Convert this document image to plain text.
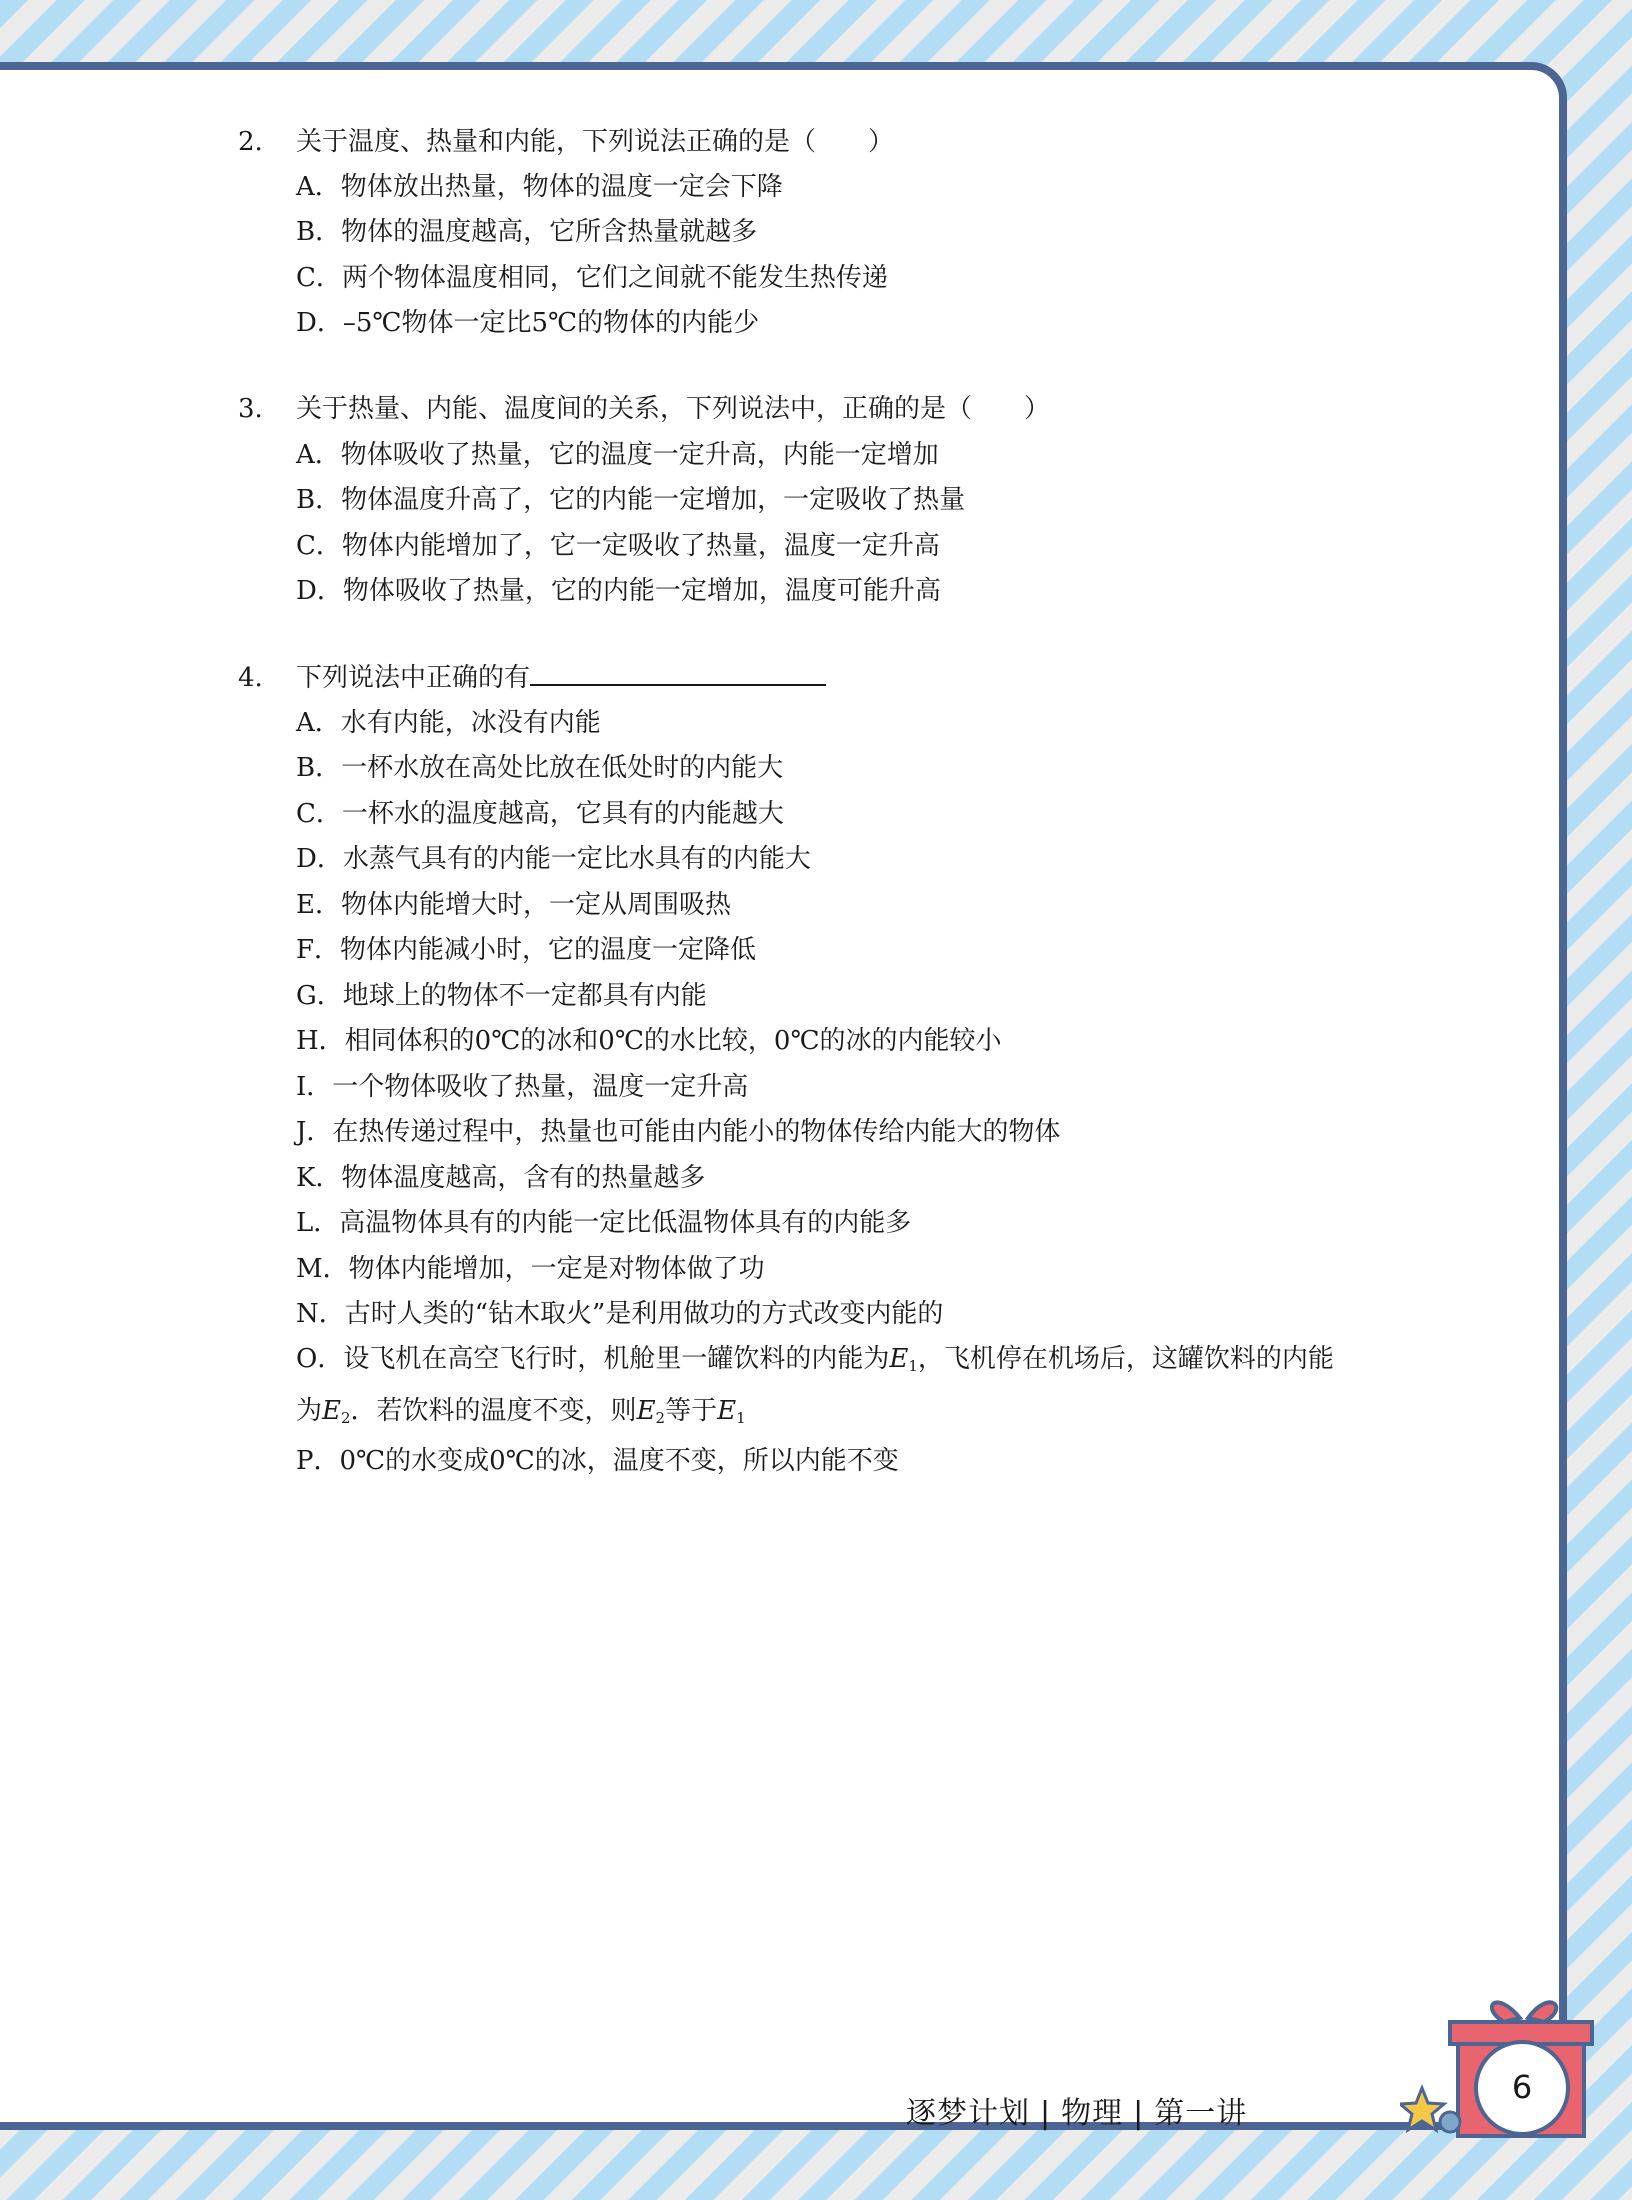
2. 关于温度、热量和内能，下列说法正确的是（　　）
A．物体放出热量，物体的温度一定会下降
B．物体的温度越高，它所含热量就越多
C．两个物体温度相同，它们之间就不能发生热传递
D．–5℃物体一定比5℃的物体的内能少
3. 关于热量、内能、温度间的关系，下列说法中，正确的是（　　）
A．物体吸收了热量，它的温度一定升高，内能一定增加
B．物体温度升高了，它的内能一定增加，一定吸收了热量
C．物体内能增加了，它一定吸收了热量，温度一定升高
D．物体吸收了热量，它的内能一定增加，温度可能升高
4. 下列说法中正确的有
A．水有内能，冰没有内能
B．一杯水放在高处比放在低处时的内能大
C．一杯水的温度越高，它具有的内能越大
D．水蒸气具有的内能一定比水具有的内能大
E．物体内能增大时，一定从周围吸热
F．物体内能减小时，它的温度一定降低
G．地球上的物体不一定都具有内能
H．相同体积的0℃的冰和0℃的水比较，0℃的冰的内能较小
I．一个物体吸收了热量，温度一定升高
J．在热传递过程中，热量也可能由内能小的物体传给内能大的物体
K．物体温度越高，含有的热量越多
L．高温物体具有的内能一定比低温物体具有的内能多
M．物体内能增加，一定是对物体做了功
N．古时人类的“钻木取火”是利用做功的方式改变内能的
O．设飞机在高空飞行时，机舱里一罐饮料的内能为$E_1$，飞机停在机场后，这罐饮料的内能
为$E_2$．若饮料的温度不变，则$E_2$等于$E_1$
P．0℃的水变成0℃的冰，温度不变，所以内能不变
逐梦计划 | 物理 | 第一讲
6
